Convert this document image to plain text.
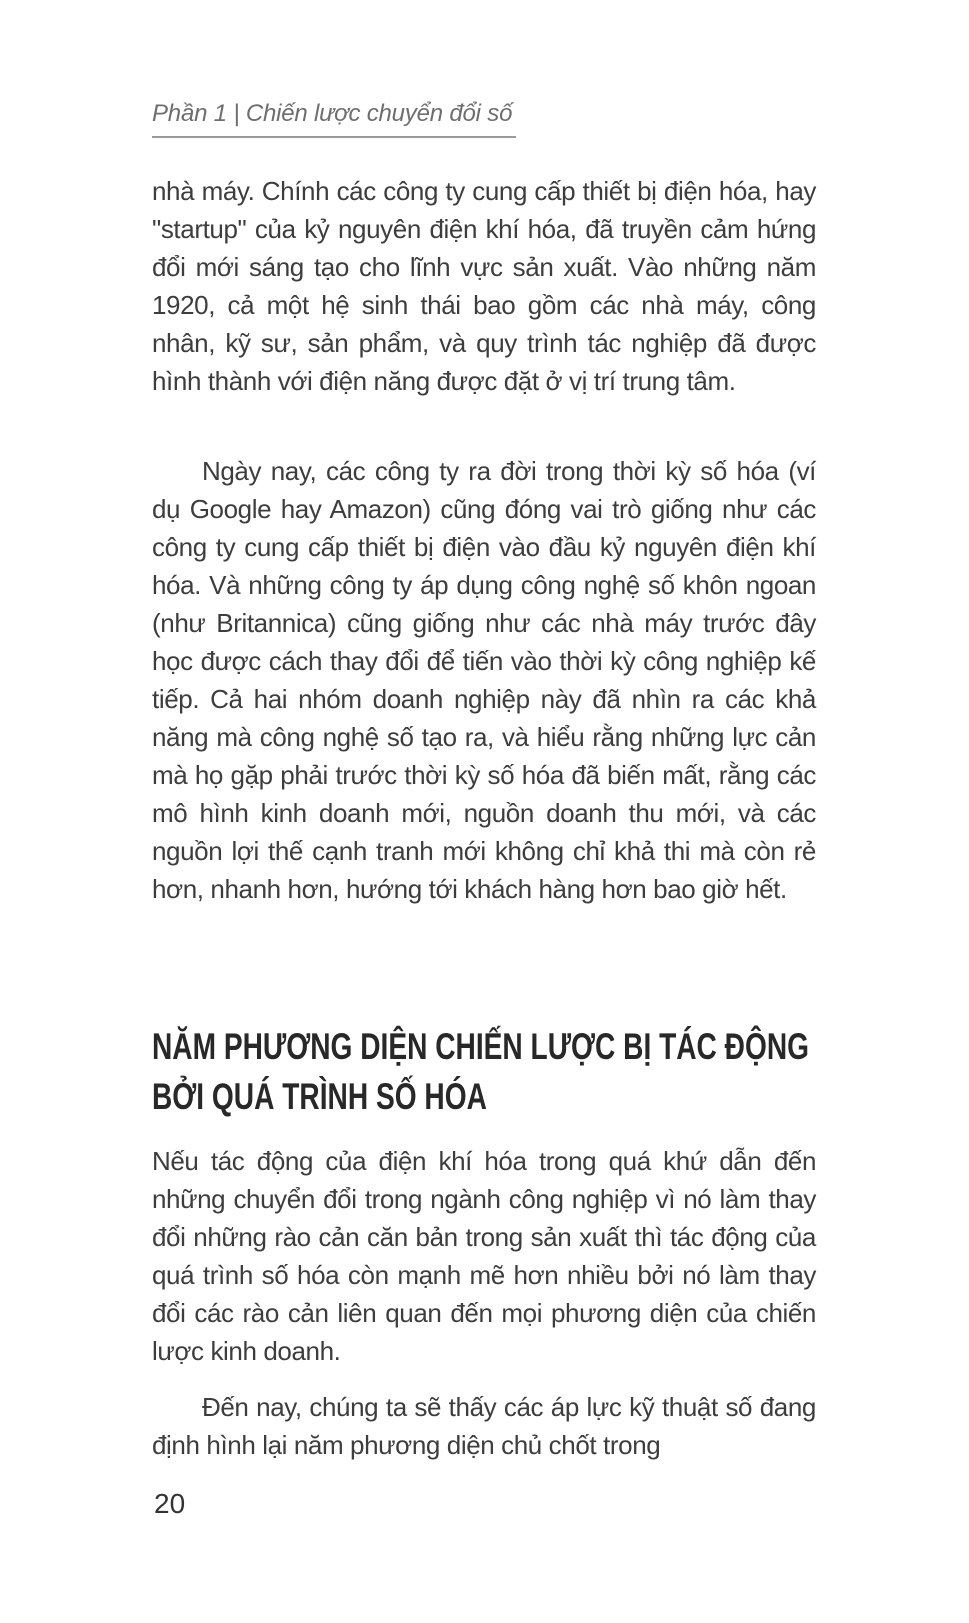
Phần 1 | Chiến lược chuyển đổi số

nhà máy. Chính các công ty cung cấp thiết bị điện hóa, hay "startup" của kỷ nguyên điện khí hóa, đã truyền cảm hứng đổi mới sáng tạo cho lĩnh vực sản xuất. Vào những năm 1920, cả một hệ sinh thái bao gồm các nhà máy, công nhân, kỹ sư, sản phẩm, và quy trình tác nghiệp đã được hình thành với điện năng được đặt ở vị trí trung tâm.

Ngày nay, các công ty ra đời trong thời kỳ số hóa (ví dụ Google hay Amazon) cũng đóng vai trò giống như các công ty cung cấp thiết bị điện vào đầu kỷ nguyên điện khí hóa. Và những công ty áp dụng công nghệ số khôn ngoan (như Britannica) cũng giống như các nhà máy trước đây học được cách thay đổi để tiến vào thời kỳ công nghiệp kế tiếp. Cả hai nhóm doanh nghiệp này đã nhìn ra các khả năng mà công nghệ số tạo ra, và hiểu rằng những lực cản mà họ gặp phải trước thời kỳ số hóa đã biến mất, rằng các mô hình kinh doanh mới, nguồn doanh thu mới, và các nguồn lợi thế cạnh tranh mới không chỉ khả thi mà còn rẻ hơn, nhanh hơn, hướng tới khách hàng hơn bao giờ hết.

NĂM PHƯƠNG DIỆN CHIẾN LƯỢC BỊ TÁC ĐỘNG
BỞI QUÁ TRÌNH SỐ HÓA

Nếu tác động của điện khí hóa trong quá khứ dẫn đến những chuyển đổi trong ngành công nghiệp vì nó làm thay đổi những rào cản căn bản trong sản xuất thì tác động của quá trình số hóa còn mạnh mẽ hơn nhiều bởi nó làm thay đổi các rào cản liên quan đến mọi phương diện của chiến lược kinh doanh.

Đến nay, chúng ta sẽ thấy các áp lực kỹ thuật số đang định hình lại năm phương diện chủ chốt trong

20
